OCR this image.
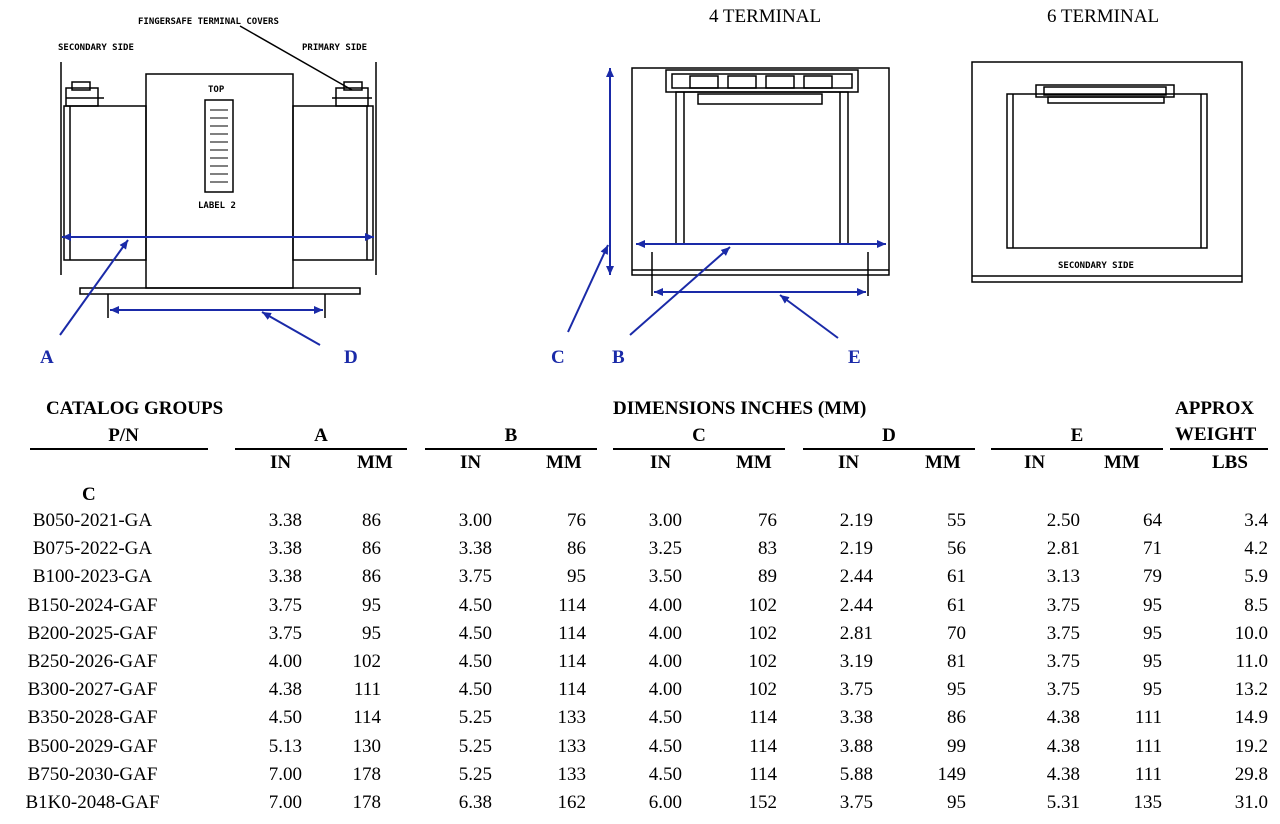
FINGERSAFE TERMINAL COVERS
SECONDARY SIDE	PRIMARY SIDE
TOP
LABEL 2
A	D
4 TERMINAL
C B	E
6 TERMINAL
SECONDARY SIDE
CATALOG GROUPS
P/N
DIMENSIONS INCHES (MM)	APPROX
WEIGHT
LBS
A	B	C	D	E
IN	MM	IN	MM	IN	MM	IN	MM	IN	MM
C
B050-2021-GA	3.38	86	3.00	76	3.00	76	2.19	55	2.50	64	3.4
B075-2022-GA	3.38	86	3.38	86	3.25	83	2.19	56	2.81	71	4.2
B100-2023-GA	3.38	86	3.75	95	3.50	89	2.44	61	3.13	79	5.9
B150-2024-GAF	3.75	95	4.50	114	4.00	102	2.44	61	3.75	95	8.5
B200-2025-GAF	3.75	95	4.50	114	4.00	102	2.81	70	3.75	95	10.0
B250-2026-GAF	4.00	102	4.50	114	4.00	102	3.19	81	3.75	95	11.0
B300-2027-GAF	4.38	111	4.50	114	4.00	102	3.75	95	3.75	95	13.2
B350-2028-GAF	4.50	114	5.25	133	4.50	114	3.38	86	4.38	111	14.9
B500-2029-GAF	5.13	130	5.25	133	4.50	114	3.88	99	4.38	111	19.2
B750-2030-GAF	7.00	178	5.25	133	4.50	114	5.88	149	4.38	111	29.8
B1K0-2048-GAF	7.00	178	6.38	162	6.00	152	3.75	95	5.31	135	31.0
